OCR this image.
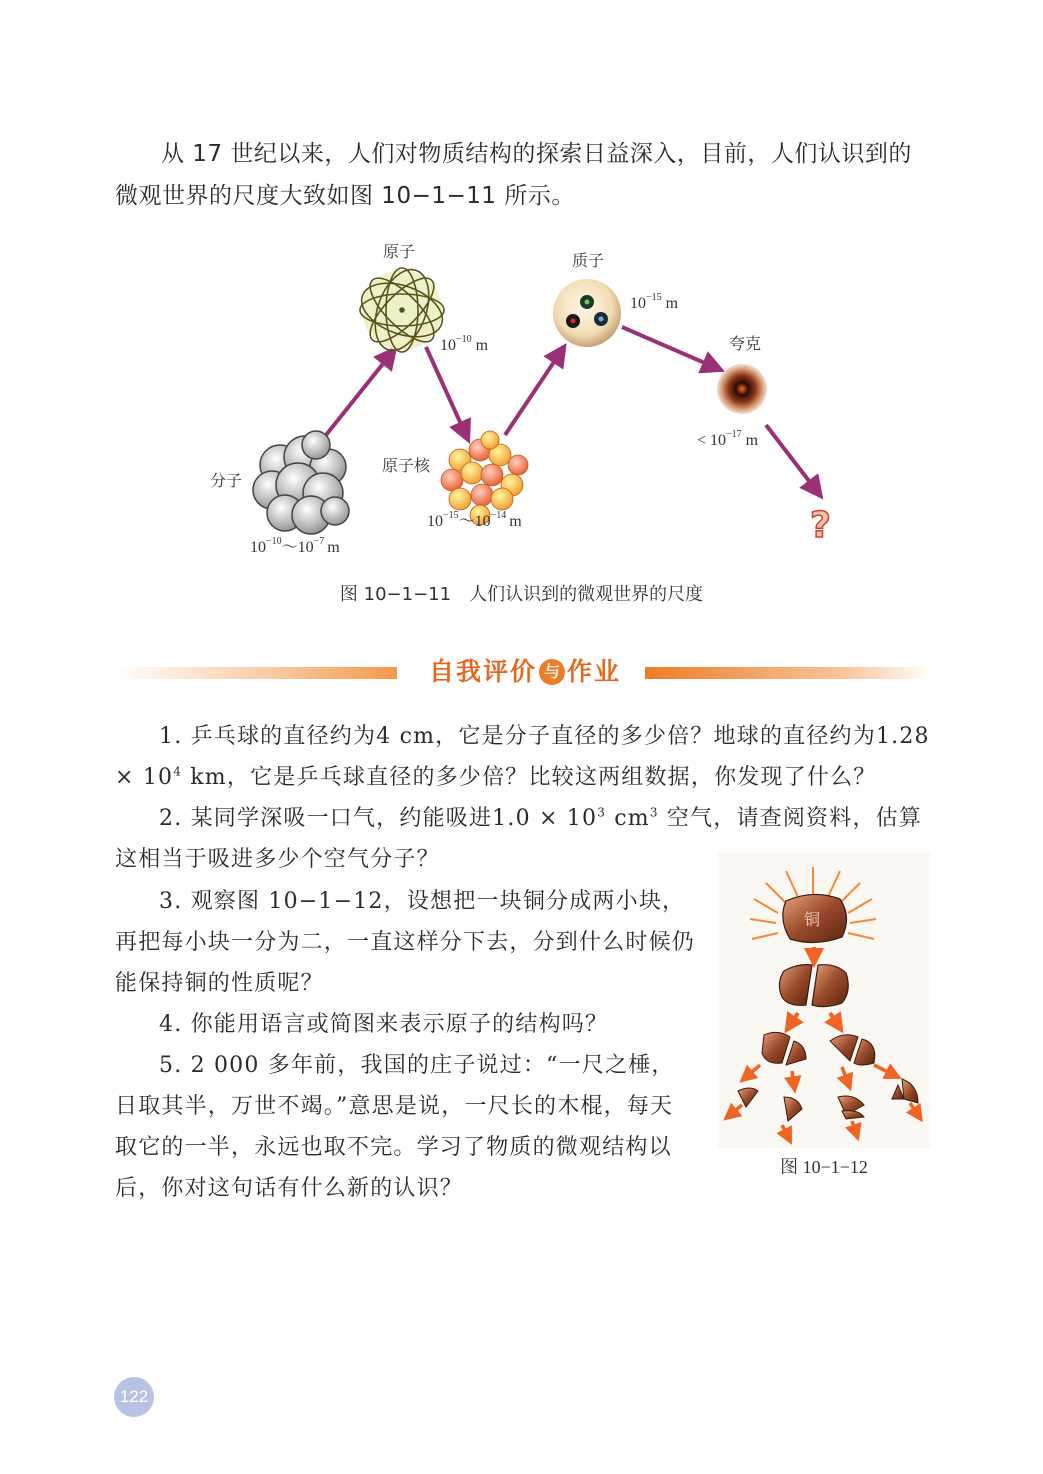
从 17 世纪以来，人们对物质结构的探索日益深入，目前，人们认识到的微观世界的尺度大致如图 10−1−11 所示。

分子
$10^{-10}\sim 10^{-7}$ m
原子
$10^{-10}$ m
原子核
$10^{-15}\sim 10^{-14}$ m
质子
$10^{-15}$ m
夸克
< $10^{-17}$ m
?
图 10−1−11　人们认识到的微观世界的尺度
自我评价 与 作业

1. 乒乓球的直径约为4 cm，它是分子直径的多少倍？地球的直径约为$1.28 \times 10^4$ km，它是乒乓球直径的多少倍？比较这两组数据，你发现了什么？

2. 某同学深吸一口气，约能吸进$1.0 \times 10^3$ $cm^3$ 空气，请查阅资料，估算这相当于吸进多少个空气分子？

3. 观察图 10−1−12，设想把一块铜分成两小块，再把每小块一分为二，一直这样分下去，分到什么时候仍能保持铜的性质呢？

4. 你能用语言或简图来表示原子的结构吗？

5. 2 000 多年前，我国的庄子说过：“一尺之棰，日取其半，万世不竭。”意思是说，一尺长的木棍，每天取它的一半，永远也取不完。学习了物质的微观结构以后，你对这句话有什么新的认识？

铜
图 10−1−12
122
